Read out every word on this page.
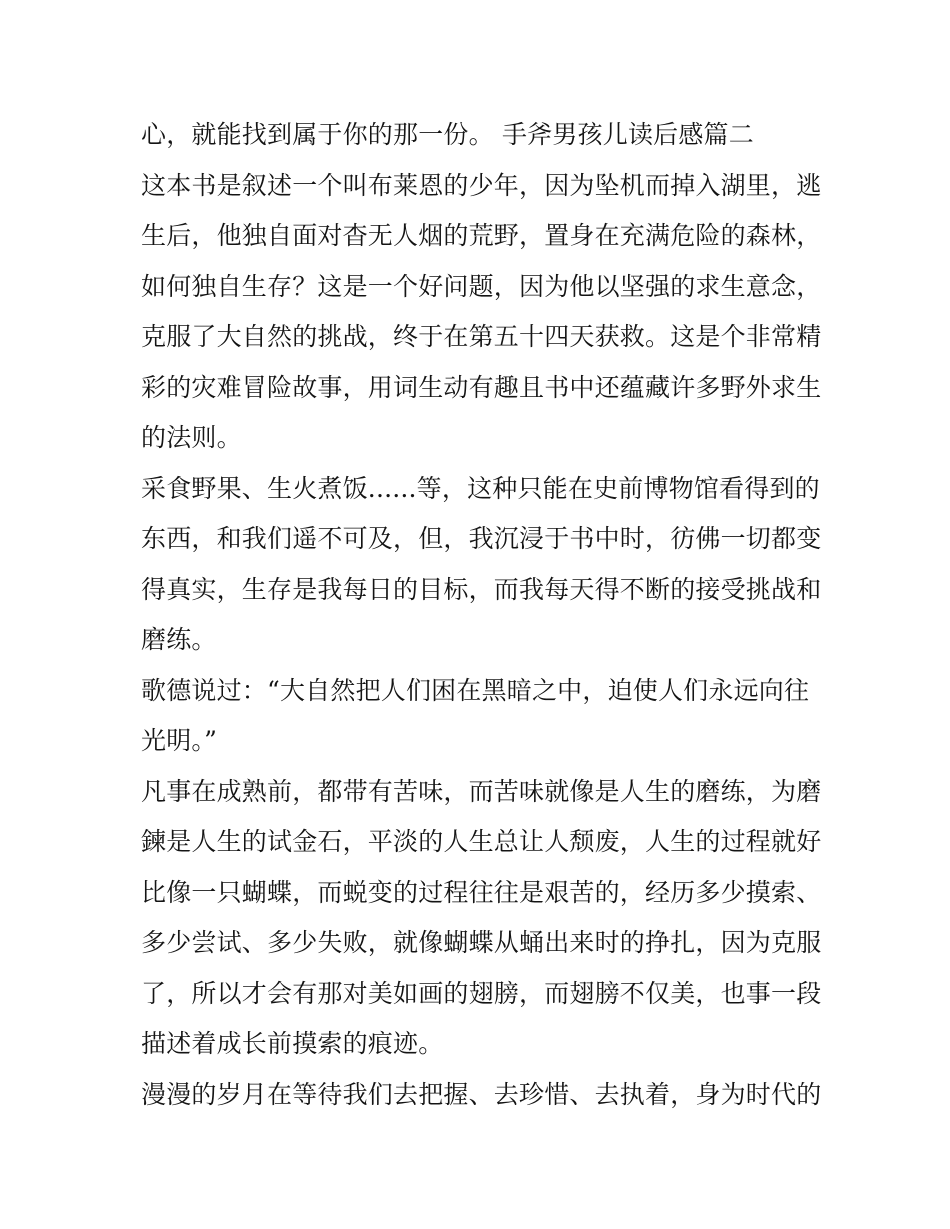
心，就能找到属于你的那一份。 手斧男孩儿读后感篇二
这本书是叙述一个叫布莱恩的少年，因为坠机而掉入湖里，逃
生后，他独自面对杳无人烟的荒野，置身在充满危险的森林，
如何独自生存？这是一个好问题，因为他以坚强的求生意念，
克服了大自然的挑战，终于在第五十四天获救。这是个非常精
彩的灾难冒险故事，用词生动有趣且书中还蕴藏许多野外求生
的法则。
采食野果、生火煮饭......等，这种只能在史前博物馆看得到的
东西，和我们遥不可及，但，我沉浸于书中时，彷佛一切都变
得真实，生存是我每日的目标，而我每天得不断的接受挑战和
磨练。
歌德说过：“大自然把人们困在黑暗之中，迫使人们永远向往
光明。”
凡事在成熟前，都带有苦味，而苦味就像是人生的磨练，为磨
鍊是人生的试金石，平淡的人生总让人颓废，人生的过程就好
比像一只蝴蝶，而蜕变的过程往往是艰苦的，经历多少摸索、
多少尝试、多少失败，就像蝴蝶从蛹出来时的挣扎，因为克服
了，所以才会有那对美如画的翅膀，而翅膀不仅美，也事一段
描述着成长前摸索的痕迹。
漫漫的岁月在等待我们去把握、去珍惜、去执着，身为时代的
